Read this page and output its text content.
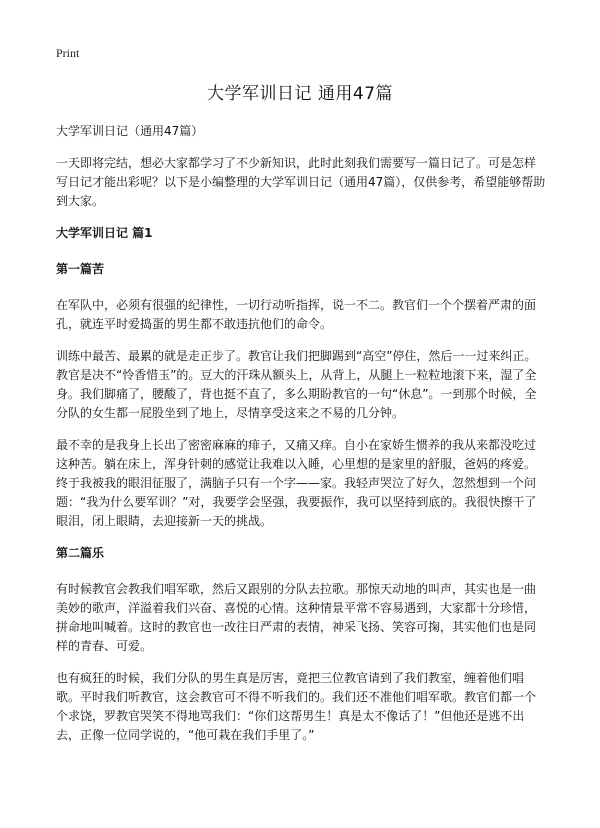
Print
大学军训日记 通用47篇

大学军训日记（通用47篇）

一天即将完结，想必大家都学习了不少新知识，此时此刻我们需要写一篇日记了。可是怎样写日记才能出彩呢？以下是小编整理的大学军训日记（通用47篇），仅供参考，希望能够帮助到大家。

大学军训日记 篇1
第一篇苦

在军队中，必须有很强的纪律性，一切行动听指挥，说一不二。教官们一个个摆着严肃的面孔，就连平时爱捣蛋的男生都不敢违抗他们的命令。

训练中最苦、最累的就是走正步了。教官让我们把脚踢到“高空”停住，然后一一过来纠正。教官是决不“怜香惜玉”的。豆大的汗珠从额头上，从背上，从腿上一粒粒地滚下来，湿了全身。我们脚痛了，腰酸了，背也挺不直了，多么期盼教官的一句“休息”。一到那个时候，全分队的女生都一屁股坐到了地上，尽情享受这来之不易的几分钟。

最不幸的是我身上长出了密密麻麻的痱子，又痛又痒。自小在家娇生惯养的我从来都没吃过这种苦。躺在床上，浑身针刺的感觉让我难以入睡，心里想的是家里的舒服，爸妈的疼爱。终于我被我的眼泪征服了，满脑子只有一个字——家。我轻声哭泣了好久，忽然想到一个问题：“我为什么要军训？”对，我要学会坚强，我要振作，我可以坚持到底的。我很快擦干了眼泪，闭上眼睛，去迎接新一天的挑战。

第二篇乐

有时候教官会教我们唱军歌，然后又跟别的分队去拉歌。那惊天动地的叫声，其实也是一曲美妙的歌声，洋溢着我们兴奋、喜悦的心情。这种情景平常不容易遇到，大家都十分珍惜，拼命地叫喊着。这时的教官也一改往日严肃的表情，神采飞扬、笑容可掬，其实他们也是同样的青春、可爱。

也有疯狂的时候，我们分队的男生真是厉害，竟把三位教官请到了我们教室，缠着他们唱歌。平时我们听教官，这会教官可不得不听我们的。我们还不准他们唱军歌。教官们都一个个求饶，罗教官哭笑不得地骂我们：“你们这帮男生！真是太不像话了！”但他还是逃不出去，正像一位同学说的，“他可栽在我们手里了。”
